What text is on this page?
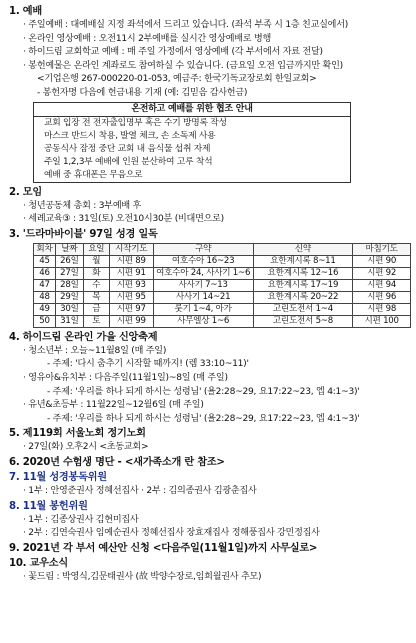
1. 예배
· 주일예배 : 대예배실 지정 좌석에서 드리고 있습니다. (좌석 부족 시 1층 친교실에서)
· 온라인 영상예배 : 오전11시 2부예배를 실시간 영상예배로 병행
· 하이드림 교회학교 예배 : 매 주일 가정에서 영상예배 (각 부서에서 자료 전달)
· 봉헌예물은 온라인 계좌로도 참여하실 수 있습니다. (금요일 오전 입금까지만 확인)
<기업은행 267-000220-01-053, 예금주: 한국기독교장로회 한일교회>
- 봉헌자명 다음에 헌금내용 기재 (예: 김믿음 감사헌금)
온전하고 예배를 위한 협조 안내
교회 입장 전 전자출입명부 혹은 수기 방명록 작성
마스크 반드시 착용, 발열 체크, 손 소독제 사용
공동식사 잠정 중단 교회 내 음식물 섭취 자제
주일 1,2,3부 예배에 인원 분산하여 고루 착석
예배 중 휴대폰은 무음으로
2. 모임
· 청년공동체 총회 : 3부예배 후
· 세례교육③ : 31일(토) 오전10시30분 (비대면으로)
3. '드라마바이블' 97일 성경 일독
회차	날짜	요일	시작기도	구약	신약	마침기도
45	26일	월	시편 89	여호수아 16~23	요한계시록 8~11	시편 90
46	27일	화	시편 91	여호수아 24, 사사기 1~6	요한계시록 12~16	시편 92
47	28일	수	시편 93	사사기 7~13	요한계시록 17~19	시편 94
48	29일	목	시편 95	사사기 14~21	요한계시록 20~22	시편 96
49	30일	금	시편 97	룻기 1~4, 아가	고린도전서 1~4	시편 98
50	31일	토	시편 99	사무엘상 1~6	고린도전서 5~8	시편 100
4. 하이드림 온라인 가을 신앙축제
· 청소년부 : 오늘~11월8일 (매 주일)
- 주제: '다시 춤추기 시작할 때까지! (렘 33:10~11)'
· 영유아&유치부 : 다음주일(11월1일)~8일 (매 주일)
- 주제: '우리를 하나 되게 하시는 성령님' (욜2:28~29, 요17:22~23, 엡 4:1~3)'
· 유년&초등부 : 11월22일~12월6일 (매 주일)
- 주제: '우리를 하나 되게 하시는 성령님' (욜2:28~29, 요17:22~23, 엡 4:1~3)'
5. 제119회 서울노회 정기노회
· 27일(화) 오후2시 <초동교회>
6. 2020년 수험생 명단 - <새가족소개 란 참조>
7. 11월 성경봉독위원
· 1부 : 안영준권사 정혜선집사 · 2부 : 김의종권사 김광춘집사
8. 11월 봉헌위원
· 1부 : 김종상권사 김현미집사
· 2부 : 김연숙권사 임예순권사 정혜선집사 장효재집사 정해풍집사 강민정집사
9. 2021년 각 부서 예산안 신청 <다음주일(11월1일)까지 사무실로>
10. 교우소식
· 꽃드림 : 박영식,김문태권사 (故 박양수장로,임희월권사 추모)
